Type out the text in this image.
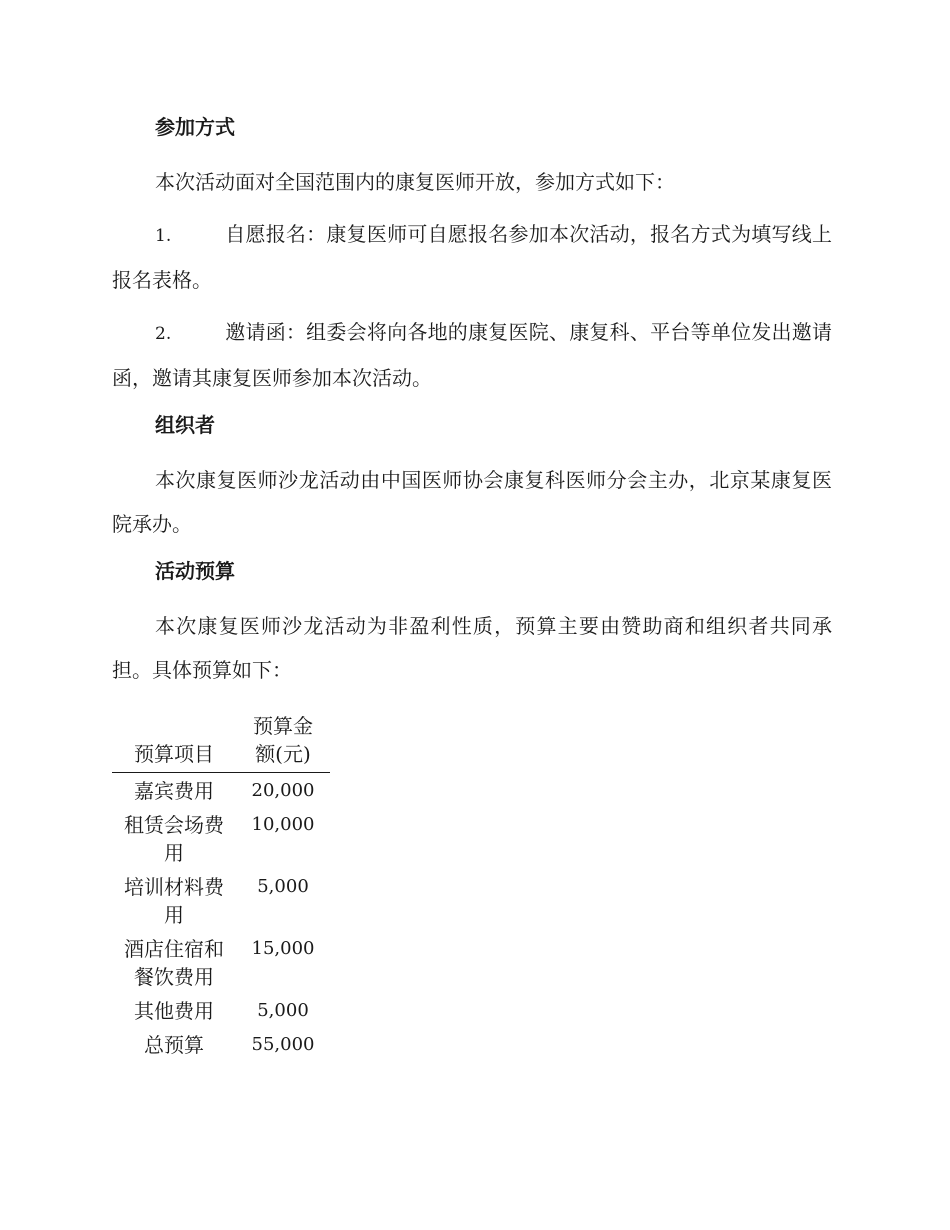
参加方式

本次活动面对全国范围内的康复医师开放，参加方式如下：

1.	自愿报名：康复医师可自愿报名参加本次活动，报名方式为填写线上报名表格。

2.	邀请函：组委会将向各地的康复医院、康复科、平台等单位发出邀请函，邀请其康复医师参加本次活动。

组织者

本次康复医师沙龙活动由中国医师协会康复科医师分会主办，北京某康复医院承办。

活动预算

本次康复医师沙龙活动为非盈利性质，预算主要由赞助商和组织者共同承担。具体预算如下：

预算项目	预算金额(元)
嘉宾费用	20,000
租赁会场费用	10,000
培训材料费用	5,000
酒店住宿和餐饮费用	15,000
其他费用	5,000
总预算	55,000
